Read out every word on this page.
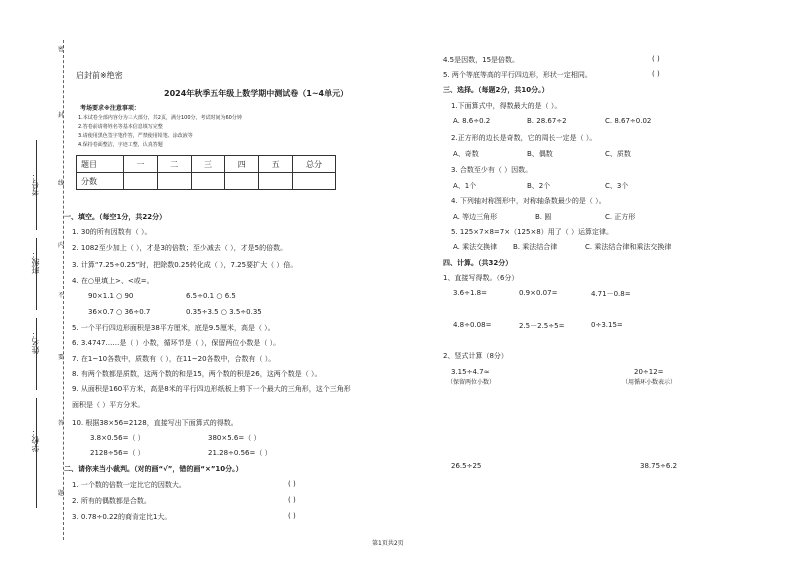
考号：
班级：
姓名：
学校：
密
封
线
内
不
要
答
题
启封前※绝密
2024年秋季五年级上数学期中测试卷（1~4单元）
考场要求※注意事项：
1.本试卷全部内容分为三大部分，共2页，满分100分，考试时间为60分钟
2.答卷前请将姓名等基本信息填写完整
3.请使用黑色签字笔作答，严禁使用铅笔、涂改液等
4.保持卷面整洁，字迹工整，认真答题
题目	一	二	三	四	五	总分
分数						
一、填空。（每空1分，共22分）
1. 30的所有因数有（ ）。
2. 1082至少加上（ ），才是3的倍数；至少减去（ ），才是5的倍数。
3. 计算“7.25÷0.25”时，把除数0.25转化成（ ），7.25要扩大（ ）倍。
4. 在○里填上>、<或=。
90×1.1 ○ 90	6.5÷0.1 ○ 6.5
36×0.7 ○ 36÷0.7	0.35÷3.5 ○ 3.5÷0.35
5. 一个平行四边形面积是38平方厘米，底是9.5厘米，高是（ ）。
6. 3.4747……是（ ）小数，循环节是（ ），保留两位小数是（ ）。
7. 在1~10各数中，质数有（ ），在11~20各数中，合数有（ ）。
8. 有两个数都是质数，这两个数的和是15，两个数的积是26，这两个数是（ ）。
9. 从面积是160平方米，高是8米的平行四边形纸板上剪下一个最大的三角形，这个三角形
面积是（ ）平方分米。
10. 根据38×56=2128，直接写出下面算式的得数。
3.8×0.56=（ ）	380×5.6=（ ）
2128÷56=（ ）	21.28÷0.56=（ ）
二、请你来当小裁判。（对的画“√”，错的画“×”10分。）
1. 一个数的倍数一定比它的因数大。	( )
2. 所有的偶数都是合数。	( )
3. 0.78÷0.22的商肯定比1大。	( )
4.5是因数，15是倍数。	( )
5. 两个等底等高的平行四边形，形状一定相同。	( )
三、选择。（每题2分，共10分。）
1.下面算式中，得数最大的是（ ）。
A. 8.6÷0.2	B. 28.67÷2	C. 8.67÷0.02
2.正方形的边长是奇数，它的周长一定是（ ）。
A、奇数	B、偶数	C、质数
3. 合数至少有（ ）因数。
A、1个	B、2个	C、3个
4. 下列轴对称图形中，对称轴条数最少的是（ ）。
A. 等边三角形	B. 圆	C. 正方形
5. 125×7×8=7×（125×8）用了（ ）运算定律。
A. 乘法交换律 B. 乘法结合律	C. 乘法结合律和乘法交换律
四、计算。（共32分）
1、直接写得数。（6分）
3.6÷1.8=	0.9×0.07=	4.71－0.8=
4.8÷0.08=	2.5－2.5÷5=	0÷3.15=
2、竖式计算（8分）
3.15÷4.7≈
（保留两位小数）
20÷12=
（用循环小数表示）
26.5÷25	38.75÷6.2
第1页共2页
